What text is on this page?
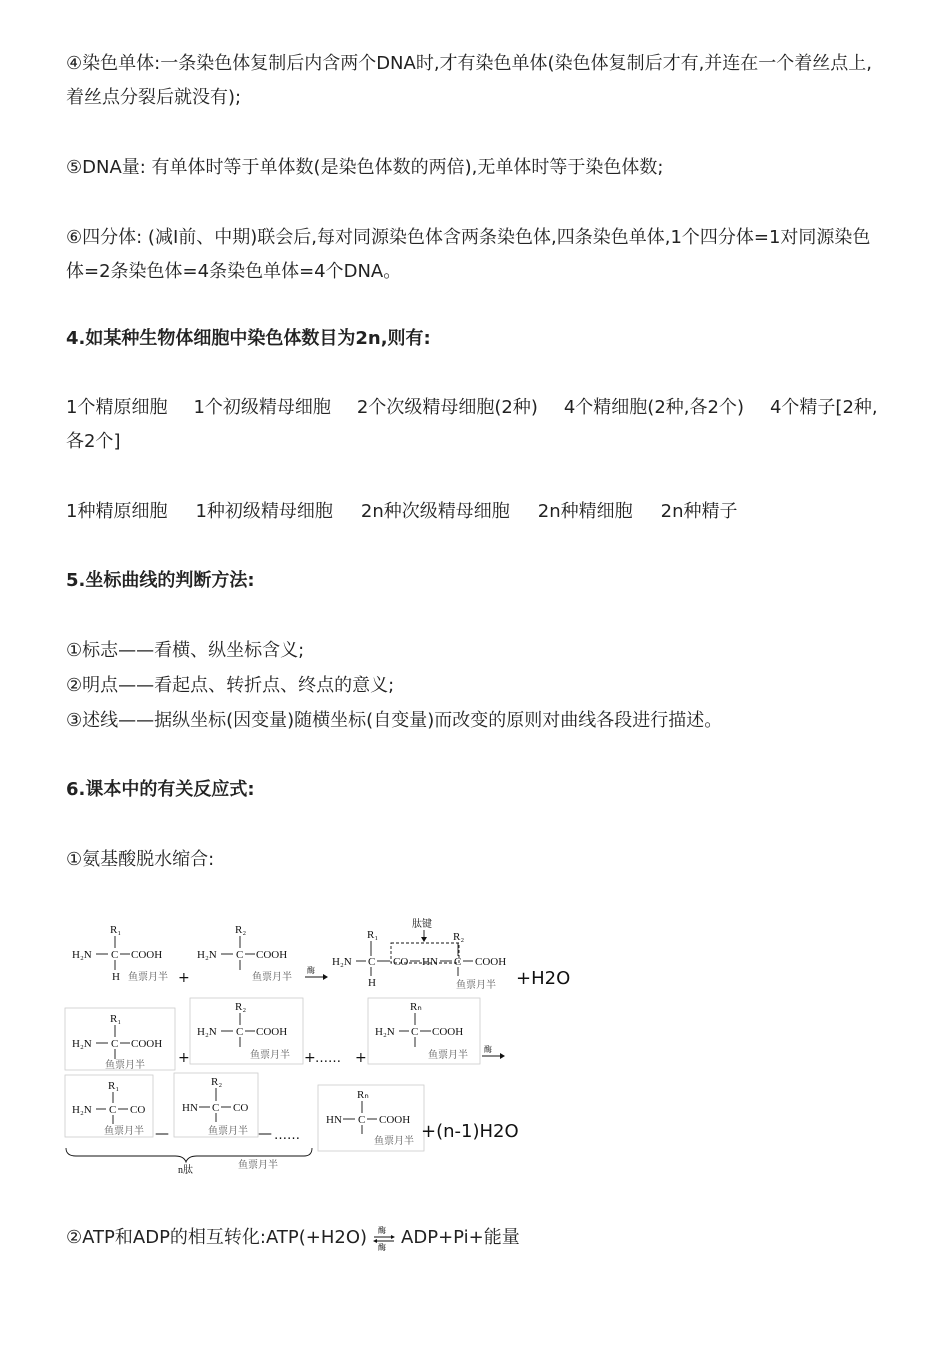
④染色单体:一条染色体复制后内含两个DNA时,才有染色单体(染色体复制后才有,并连在一个着丝点上,着丝点分裂后就没有);

⑤DNA量: 有单体时等于单体数(是染色体数的两倍),无单体时等于染色体数;

⑥四分体: (减Ⅰ前、中期)联会后,每对同源染色体含两条染色体,四条染色单体,1个四分体=1对同源染色体=2条染色体=4条染色单体=4个DNA。

4.如某种生物体细胞中染色体数目为2n,则有:

1个精原细胞 1个初级精母细胞 2个次级精母细胞(2种) 4个精细胞(2种,各2个) 4个精子[2种,各2个]

1种精原细胞 1种初级精母细胞 2n种次级精母细胞 2n种精细胞 2n种精子

5.坐标曲线的判断方法:

①标志——看横、纵坐标含义;

②明点——看起点、转折点、终点的意义;

③述线——据纵坐标(因变量)随横坐标(自变量)而改变的原则对曲线各段进行描述。

6.课本中的有关反应式:

①氨基酸脱水缩合:

R₁
H₂N C COOH
H 鱼票月半 +
R₂
H₂N C COOH
鱼票月半
酶
肽键
R₁
H₂N C CO HN C
R₂
COOH
H	鱼票月半
R₁
H₂N C COOH
鱼票月半 +
R₂
H₂N C COOH
鱼票月半 + …… +
Rₙ
H₂N C COOH
鱼票月半
酶
R₁
H₂N C CO
鱼票月半 —
R₂
HN C CO
鱼票月半 — ……
Rₙ
HN C COOH
鱼票月半
n肽	鱼票月半
+H2O
+(n-1)H2O

②ATP和ADP的相互转化:ATP(+H2O) 酶
酶 ADP+Pi+能量
